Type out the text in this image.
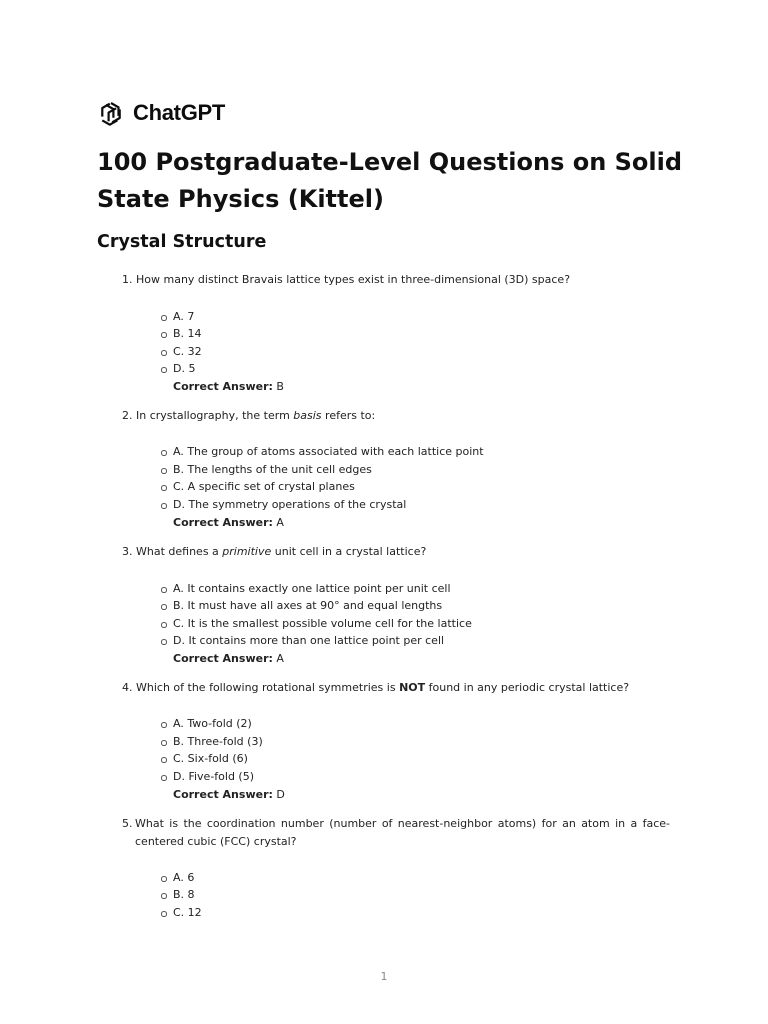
ChatGPT
100 Postgraduate-Level Questions on Solid State Physics (Kittel)
Crystal Structure

1. How many distinct Bravais lattice types exist in three-dimensional (3D) space?

A. 7
B. 14
C. 32
D. 5
Correct Answer: B

2. In crystallography, the term basis refers to:

A. The group of atoms associated with each lattice point
B. The lengths of the unit cell edges
C. A specific set of crystal planes
D. The symmetry operations of the crystal
Correct Answer: A

3. What defines a primitive unit cell in a crystal lattice?

A. It contains exactly one lattice point per unit cell
B. It must have all axes at 90° and equal lengths
C. It is the smallest possible volume cell for the lattice
D. It contains more than one lattice point per cell
Correct Answer: A

4. Which of the following rotational symmetries is NOT found in any periodic crystal lattice?

A. Two-fold (2)
B. Three-fold (3)
C. Six-fold (6)
D. Five-fold (5)
Correct Answer: D

5. What is the coordination number (number of nearest-neighbor atoms) for an atom in a face-

centered cubic (FCC) crystal?

A. 6
B. 8
C. 12
1
